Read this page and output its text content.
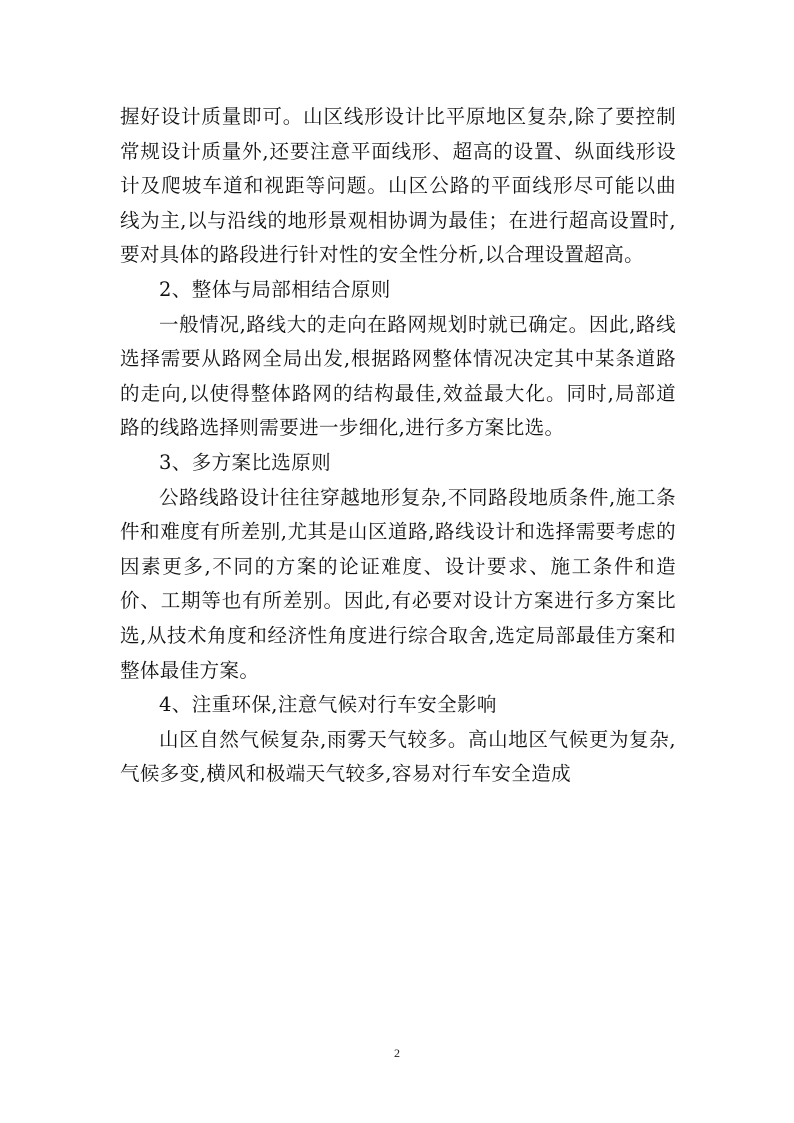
握好设计质量即可。山区线形设计比平原地区复杂,除了要控制常规设计质量外,还要注意平面线形、超高的设置、纵面线形设计及爬坡车道和视距等问题。山区公路的平面线形尽可能以曲线为主,以与沿线的地形景观相协调为最佳；在进行超高设置时,要对具体的路段进行针对性的安全性分析,以合理设置超高。

2、整体与局部相结合原则

一般情况,路线大的走向在路网规划时就已确定。因此,路线选择需要从路网全局出发,根据路网整体情况决定其中某条道路的走向,以使得整体路网的结构最佳,效益最大化。同时,局部道路的线路选择则需要进一步细化,进行多方案比选。

3、多方案比选原则

公路线路设计往往穿越地形复杂,不同路段地质条件,施工条件和难度有所差别,尤其是山区道路,路线设计和选择需要考虑的因素更多,不同的方案的论证难度、设计要求、施工条件和造价、工期等也有所差别。因此,有必要对设计方案进行多方案比选,从技术角度和经济性角度进行综合取舍,选定局部最佳方案和整体最佳方案。

4、注重环保,注意气候对行车安全影响

山区自然气候复杂,雨雾天气较多。高山地区气候更为复杂,气候多变,横风和极端天气较多,容易对行车安全造成

2
